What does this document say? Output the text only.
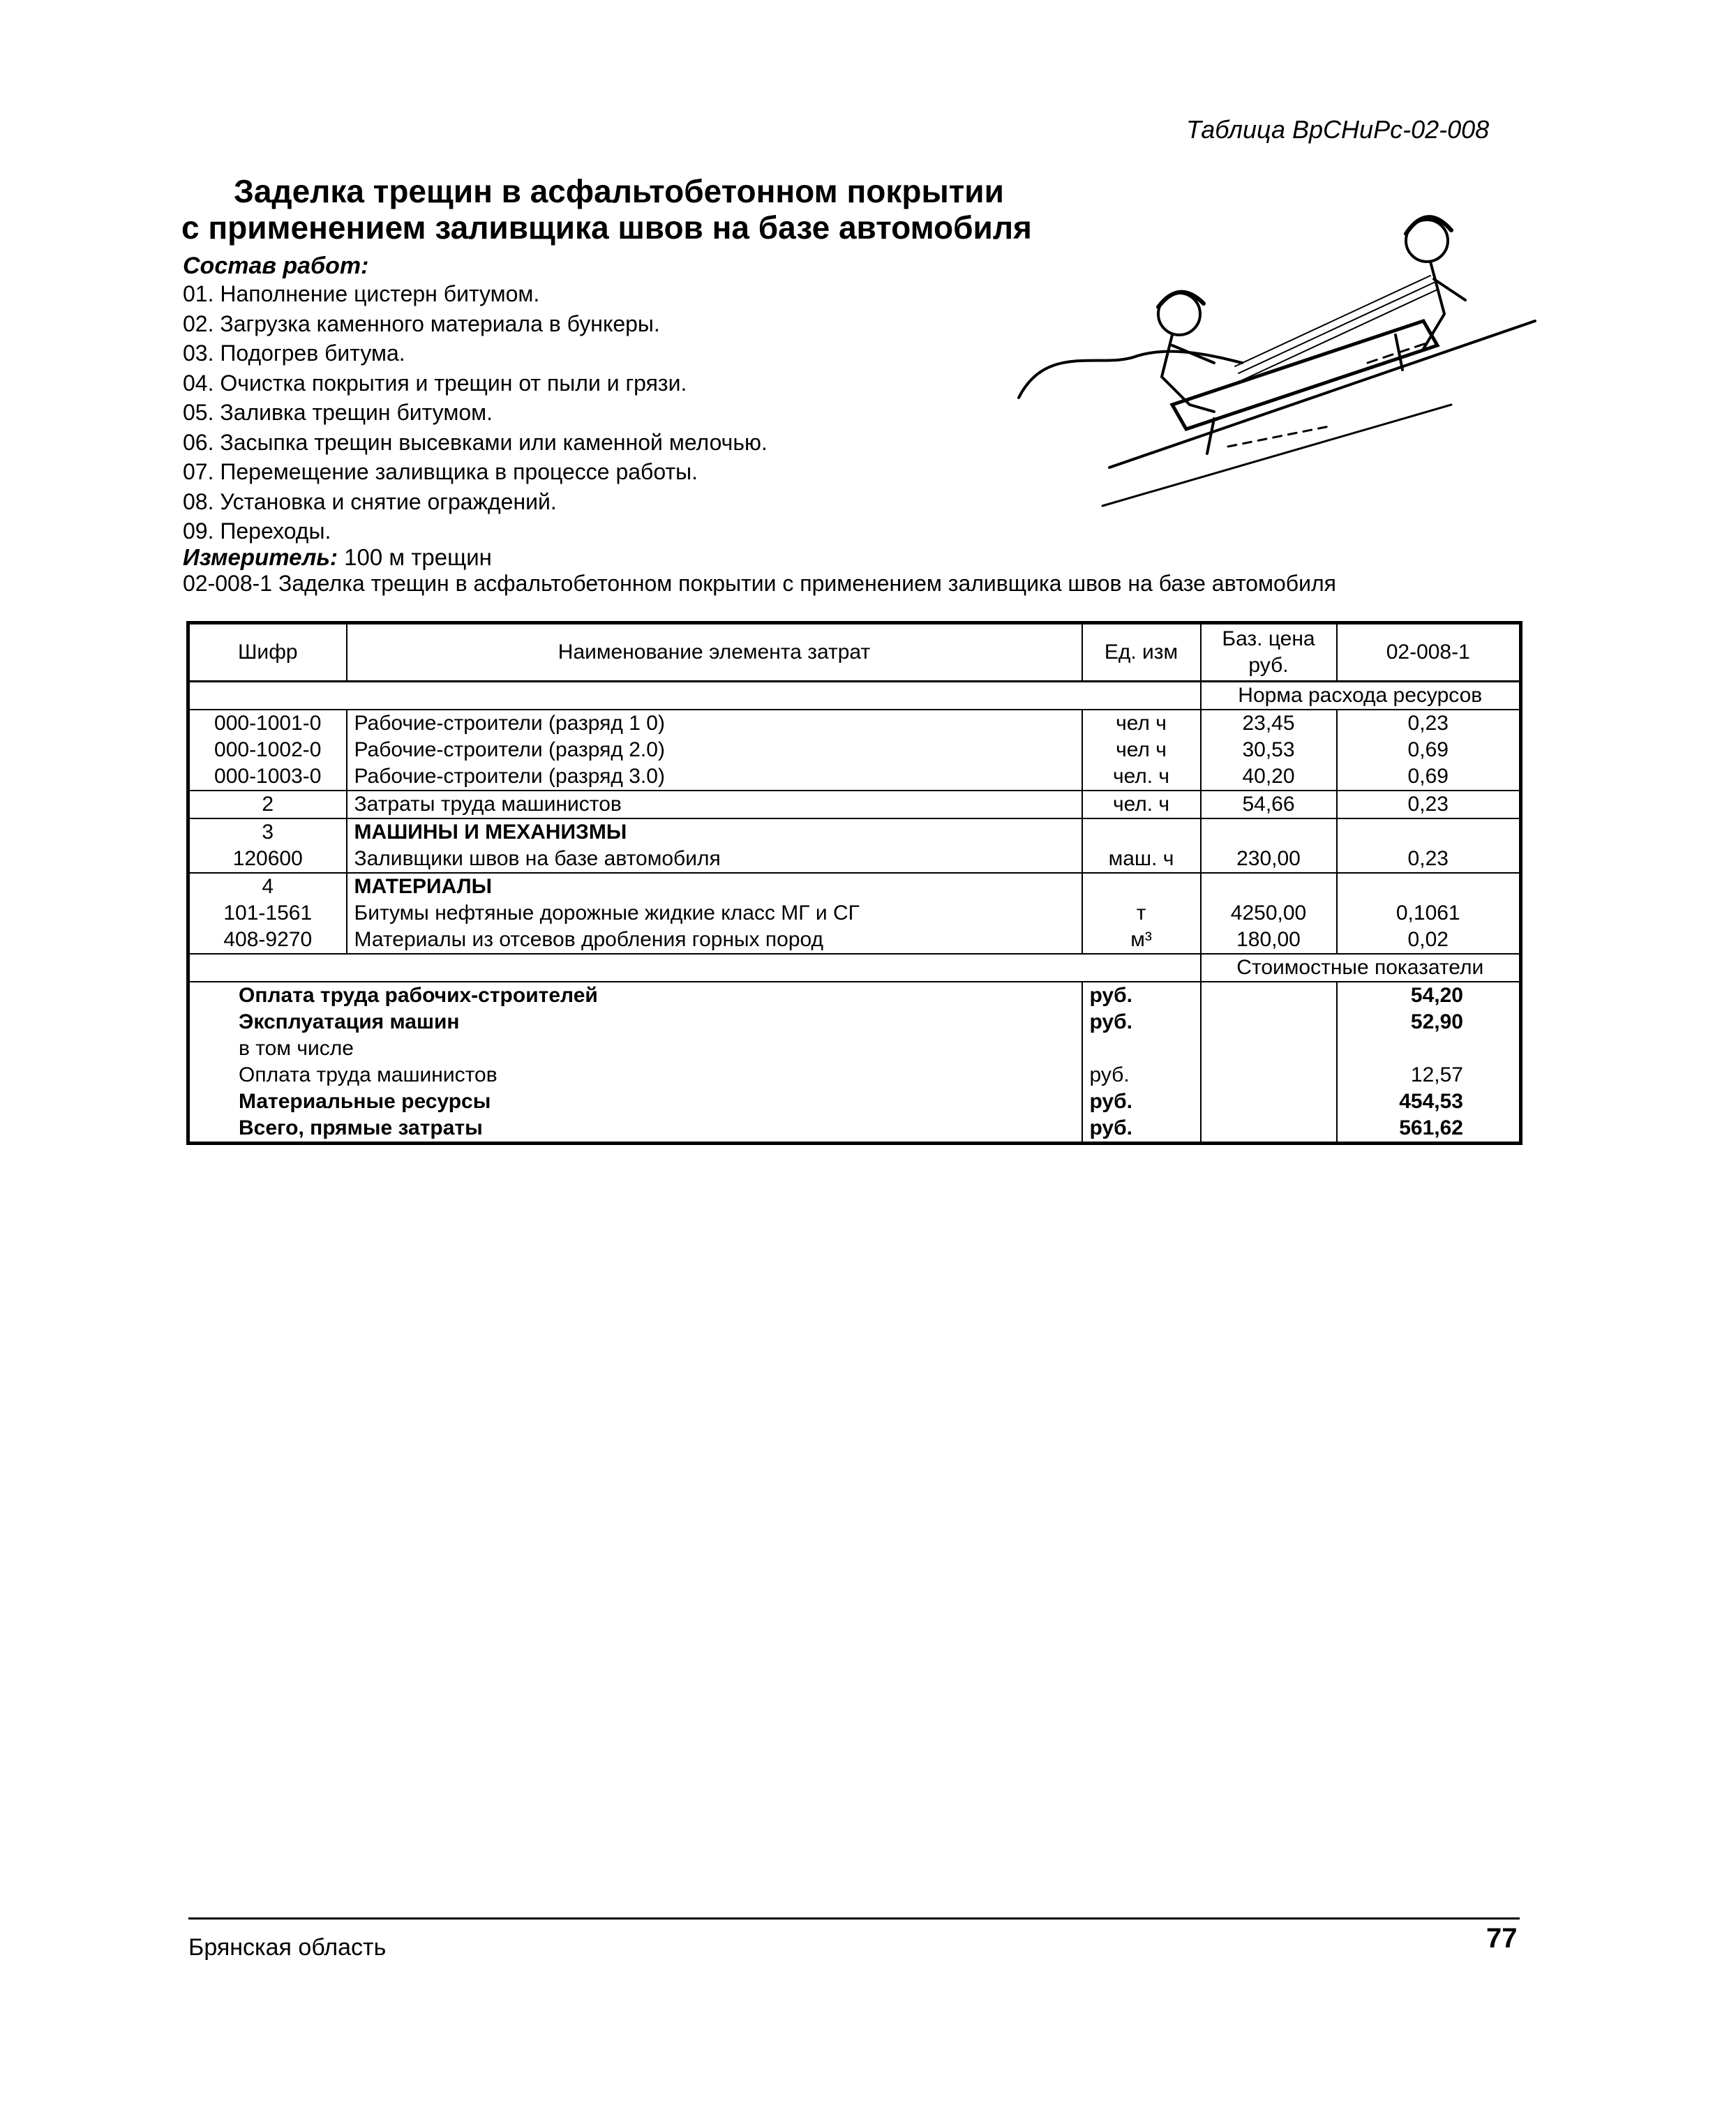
Таблица ВрСНиРс-02-008
Заделка трещин в асфальтобетонном покрытии
с применением заливщика швов на базе автомобиля
Состав работ:
01. Наполнение цистерн битумом.
02. Загрузка каменного материала в бункеры.
03. Подогрев битума.
04. Очистка покрытия и трещин от пыли и грязи.
05. Заливка трещин битумом.
06. Засыпка трещин высевками или каменной мелочью.
07. Перемещение заливщика в процессе работы.
08. Установка и снятие ограждений.
09. Переходы.
Измеритель: 100 м трещин
02-008-1 Заделка трещин в асфальтобетонном покрытии с применением заливщика швов на базе автомобиля
Шифр	Наименование элемента затрат	Ед. изм	Баз. цена руб.	02-008-1
			Норма расхода ресурсов	
000-1001-0	Рабочие-строители (разряд 1 0)	чел ч	23,45	0,23
000-1002-0	Рабочие-строители (разряд 2.0)	чел ч	30,53	0,69
000-1003-0	Рабочие-строители (разряд 3.0)	чел. ч	40,20	0,69
2	Затраты труда машинистов	чел. ч	54,66	0,23
3	МАШИНЫ И МЕХАНИЗМЫ			
120600	Заливщики швов на базе автомобиля	маш. ч	230,00	0,23
4	МАТЕРИАЛЫ			
101-1561	Битумы нефтяные дорожные жидкие класс МГ и СГ	т	4250,00	0,1061
408-9270	Материалы из отсевов дробления горных пород	м³	180,00	0,02
			Стоимостные показатели	
Оплата труда рабочих-строителей		руб.		54,20
Эксплуатация машин		руб.		52,90
в том числе				
Оплата труда машинистов		руб.		12,57
Материальные ресурсы		руб.		454,53
Всего, прямые затраты		руб.		561,62
Брянская область	77
